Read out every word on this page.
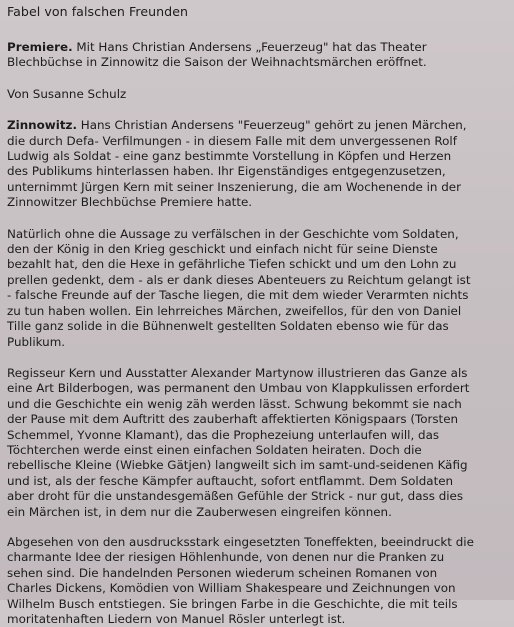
Fabel von falschen Freunden
Premiere. Mit Hans Christian Andersens „Feuerzeug" hat das Theater
Blechbüchse in Zinnowitz die Saison der Weihnachtsmärchen eröffnet.
Von Susanne Schulz
Zinnowitz. Hans Christian Andersens "Feuerzeug" gehört zu jenen Märchen,
die durch Defa- Verfilmungen - in diesem Falle mit dem unvergessenen Rolf
Ludwig als Soldat - eine ganz bestimmte Vorstellung in Köpfen und Herzen
des Publikums hinterlassen haben. Ihr Eigenständiges entgegenzusetzen,
unternimmt Jürgen Kern mit seiner Inszenierung, die am Wochenende in der
Zinnowitzer Blechbüchse Premiere hatte.
Natürlich ohne die Aussage zu verfälschen in der Geschichte vom Soldaten,
den der König in den Krieg geschickt und einfach nicht für seine Dienste
bezahlt hat, den die Hexe in gefährliche Tiefen schickt und um den Lohn zu
prellen gedenkt, dem - als er dank dieses Abenteuers zu Reichtum gelangt ist
- falsche Freunde auf der Tasche liegen, die mit dem wieder Verarmten nichts
zu tun haben wollen. Ein lehrreiches Märchen, zweifellos, für den von Daniel
Tille ganz solide in die Bühnenwelt gestellten Soldaten ebenso wie für das
Publikum.
Regisseur Kern und Ausstatter Alexander Martynow illustrieren das Ganze als
eine Art Bilderbogen, was permanent den Umbau von Klappkulissen erfordert
und die Geschichte ein wenig zäh werden lässt. Schwung bekommt sie nach
der Pause mit dem Auftritt des zauberhaft affektierten Königspaars (Torsten
Schemmel, Yvonne Klamant), das die Prophezeiung unterlaufen will, das
Töchterchen werde einst einen einfachen Soldaten heiraten. Doch die
rebellische Kleine (Wiebke Gätjen) langweilt sich im samt-und-seidenen Käfig
und ist, als der fesche Kämpfer auftaucht, sofort entflammt. Dem Soldaten
aber droht für die unstandesgemäßen Gefühle der Strick - nur gut, dass dies
ein Märchen ist, in dem nur die Zauberwesen eingreifen können.
Abgesehen von den ausdrucksstark eingesetzten Toneffekten, beeindruckt die
charmante Idee der riesigen Höhlenhunde, von denen nur die Pranken zu
sehen sind. Die handelnden Personen wiederum scheinen Romanen von
Charles Dickens, Komödien von William Shakespeare und Zeichnungen von
Wilhelm Busch entstiegen. Sie bringen Farbe in die Geschichte, die mit teils
moritatenhaften Liedern von Manuel Rösler unterlegt ist.
